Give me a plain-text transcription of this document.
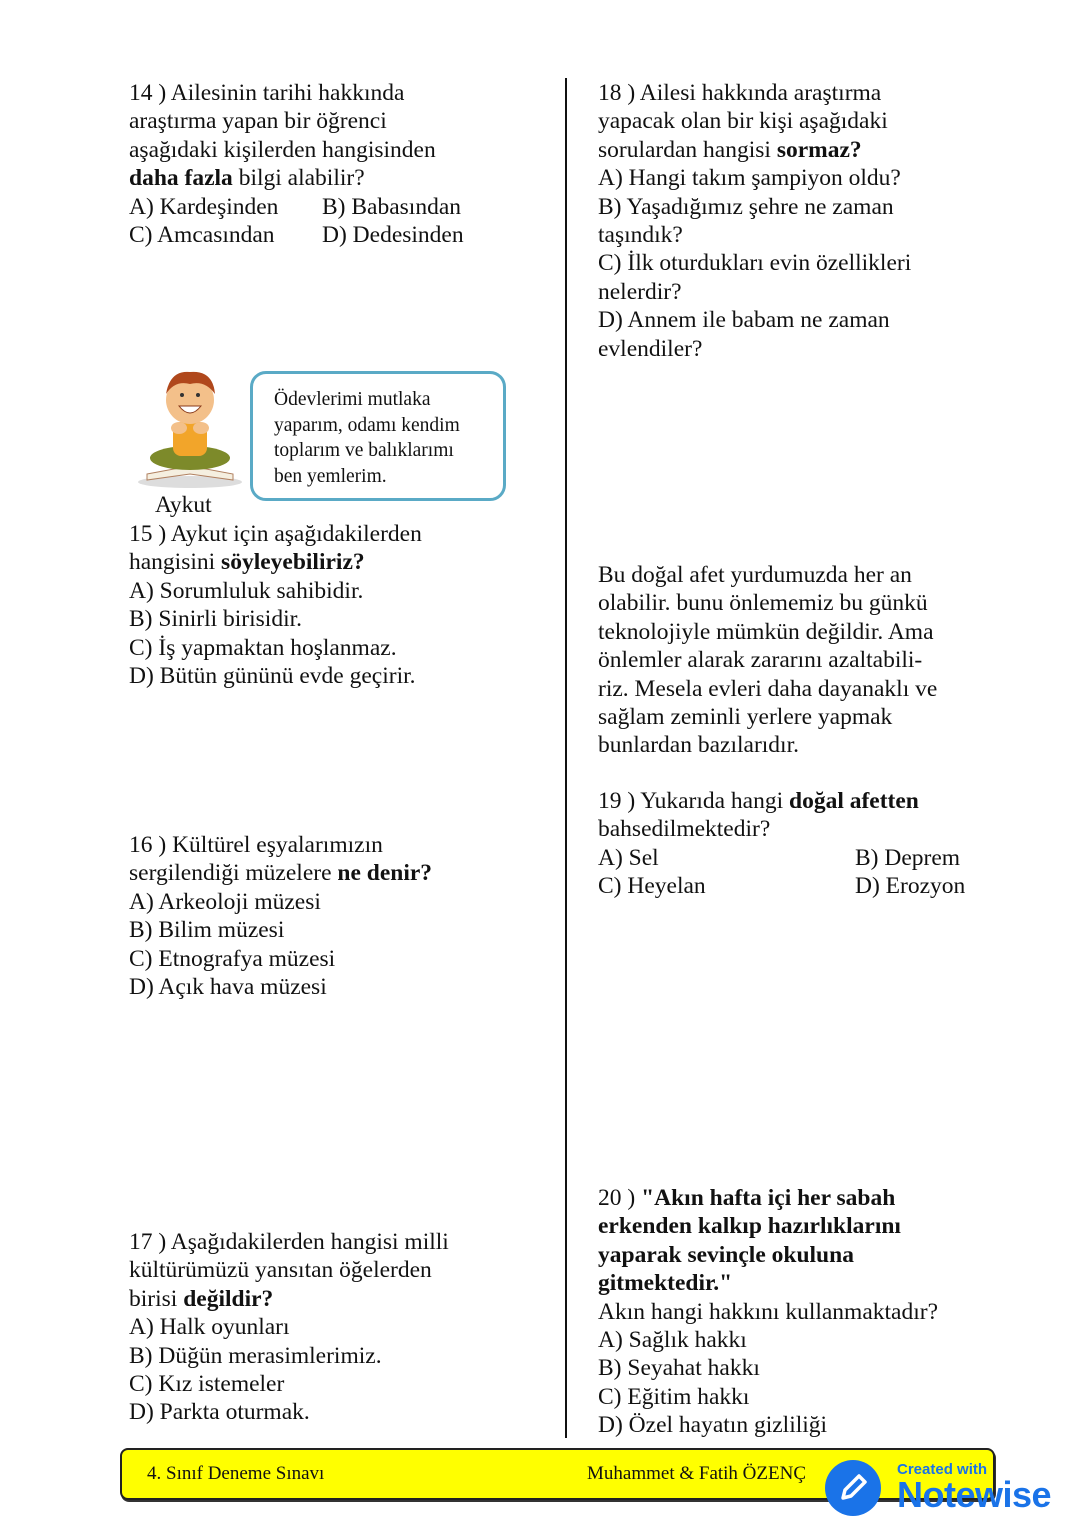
14 ) Ailesinin tarihi hakkında
araştırma yapan bir öğrenci
aşağıdaki kişilerden hangisinden
daha fazla bilgi alabilir?
A) Kardeşinden	B) Babasından
C) Amcasından	D) Dedesinden
15 ) Aykut için aşağıdakilerden
hangisini söyleyebiliriz?
A) Sorumluluk sahibidir.
B) Sinirli birisidir.
C) İş yapmaktan hoşlanmaz.
D) Bütün gününü evde geçirir.
16 ) Kültürel eşyalarımızın
sergilendiği müzelere ne denir?
A) Arkeoloji müzesi
B) Bilim müzesi
C) Etnografya müzesi
D) Açık hava müzesi
17 ) Aşağıdakilerden hangisi milli
kültürümüzü yansıtan öğelerden
birisi değildir?
A) Halk oyunları
B) Düğün merasimlerimiz.
C) Kız istemeler
D) Parkta oturmak.
18 ) Ailesi hakkında araştırma
yapacak olan bir kişi aşağıdaki
sorulardan hangisi sormaz?
A) Hangi takım şampiyon oldu?
B) Yaşadığımız şehre ne zaman
taşındık?
C) İlk oturdukları evin özellikleri
nelerdir?
D) Annem ile babam ne zaman
evlendiler?
Bu doğal afet yurdumuzda her an
olabilir. bunu önlememiz bu günkü
teknolojiyle mümkün değildir. Ama
önlemler alarak zararını azaltabili-
riz. Mesela evleri daha dayanaklı ve
sağlam zeminli yerlere yapmak
bunlardan bazılarıdır.
19 ) Yukarıda hangi doğal afetten
bahsedilmektedir?
A) Sel	B) Deprem
C) Heyelan	D) Erozyon
20 ) "Akın hafta içi her sabah
erkenden kalkıp hazırlıklarını
yaparak sevinçle okuluna
gitmektedir."
Akın hangi hakkını kullanmaktadır?
A) Sağlık hakkı
B) Seyahat hakkı
C) Eğitim hakkı
D) Özel hayatın gizliliği
Ödevlerimi mutlaka
yaparım, odamı kendim
toplarım ve balıklarımı
ben yemlerim.
Aykut
4. Sınıf Deneme Sınavı	Muhammet & Fatih ÖZENÇ	Created with
Notewise
